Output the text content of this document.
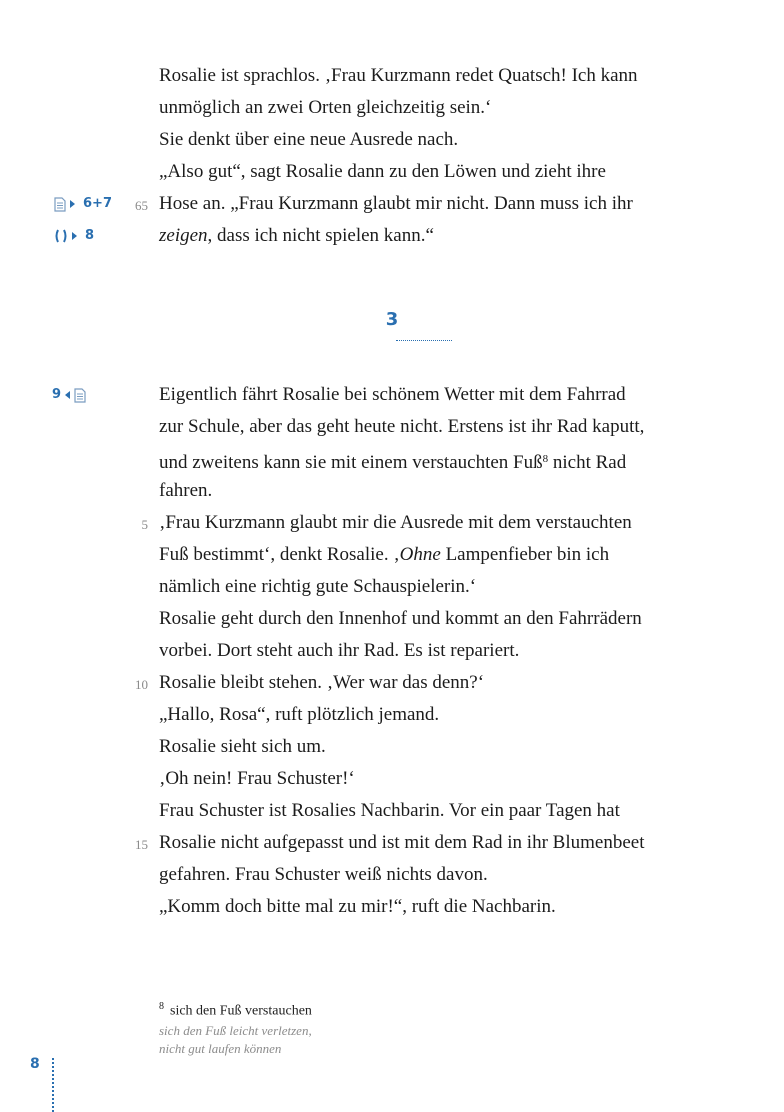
Rosalie ist sprachlos. ‚Frau Kurzmann redet Quatsch! Ich kann
unmöglich an zwei Orten gleichzeitig sein.‘
Sie denkt über eine neue Ausrede nach.
„Also gut“, sagt Rosalie dann zu den Löwen und zieht ihre
65 Hose an. „Frau Kurzmann glaubt mir nicht. Dann muss ich ihr
zeigen, dass ich nicht spielen kann.“
6+7
8
3
9	Eigentlich fährt Rosalie bei schönem Wetter mit dem Fahrrad
zur Schule, aber das geht heute nicht. Erstens ist ihr Rad kaputt,
und zweitens kann sie mit einem verstauchten Fuß$^8$ nicht Rad
fahren.
5 ‚Frau Kurzmann glaubt mir die Ausrede mit dem verstauchten
Fuß bestimmt‘, denkt Rosalie. ‚Ohne Lampenfieber bin ich
nämlich eine richtig gute Schauspielerin.‘
Rosalie geht durch den Innenhof und kommt an den Fahrrädern
vorbei. Dort steht auch ihr Rad. Es ist repariert.
10 Rosalie bleibt stehen. ‚Wer war das denn?‘
„Hallo, Rosa“, ruft plötzlich jemand.
Rosalie sieht sich um.
‚Oh nein! Frau Schuster!‘
Frau Schuster ist Rosalies Nachbarin. Vor ein paar Tagen hat
15 Rosalie nicht aufgepasst und ist mit dem Rad in ihr Blumenbeet
gefahren. Frau Schuster weiß nichts davon.
„Komm doch bitte mal zu mir!“, ruft die Nachbarin.
$^8$ sich den Fuß verstauchen
sich den Fuß leicht verletzen,
nicht gut laufen können
8
